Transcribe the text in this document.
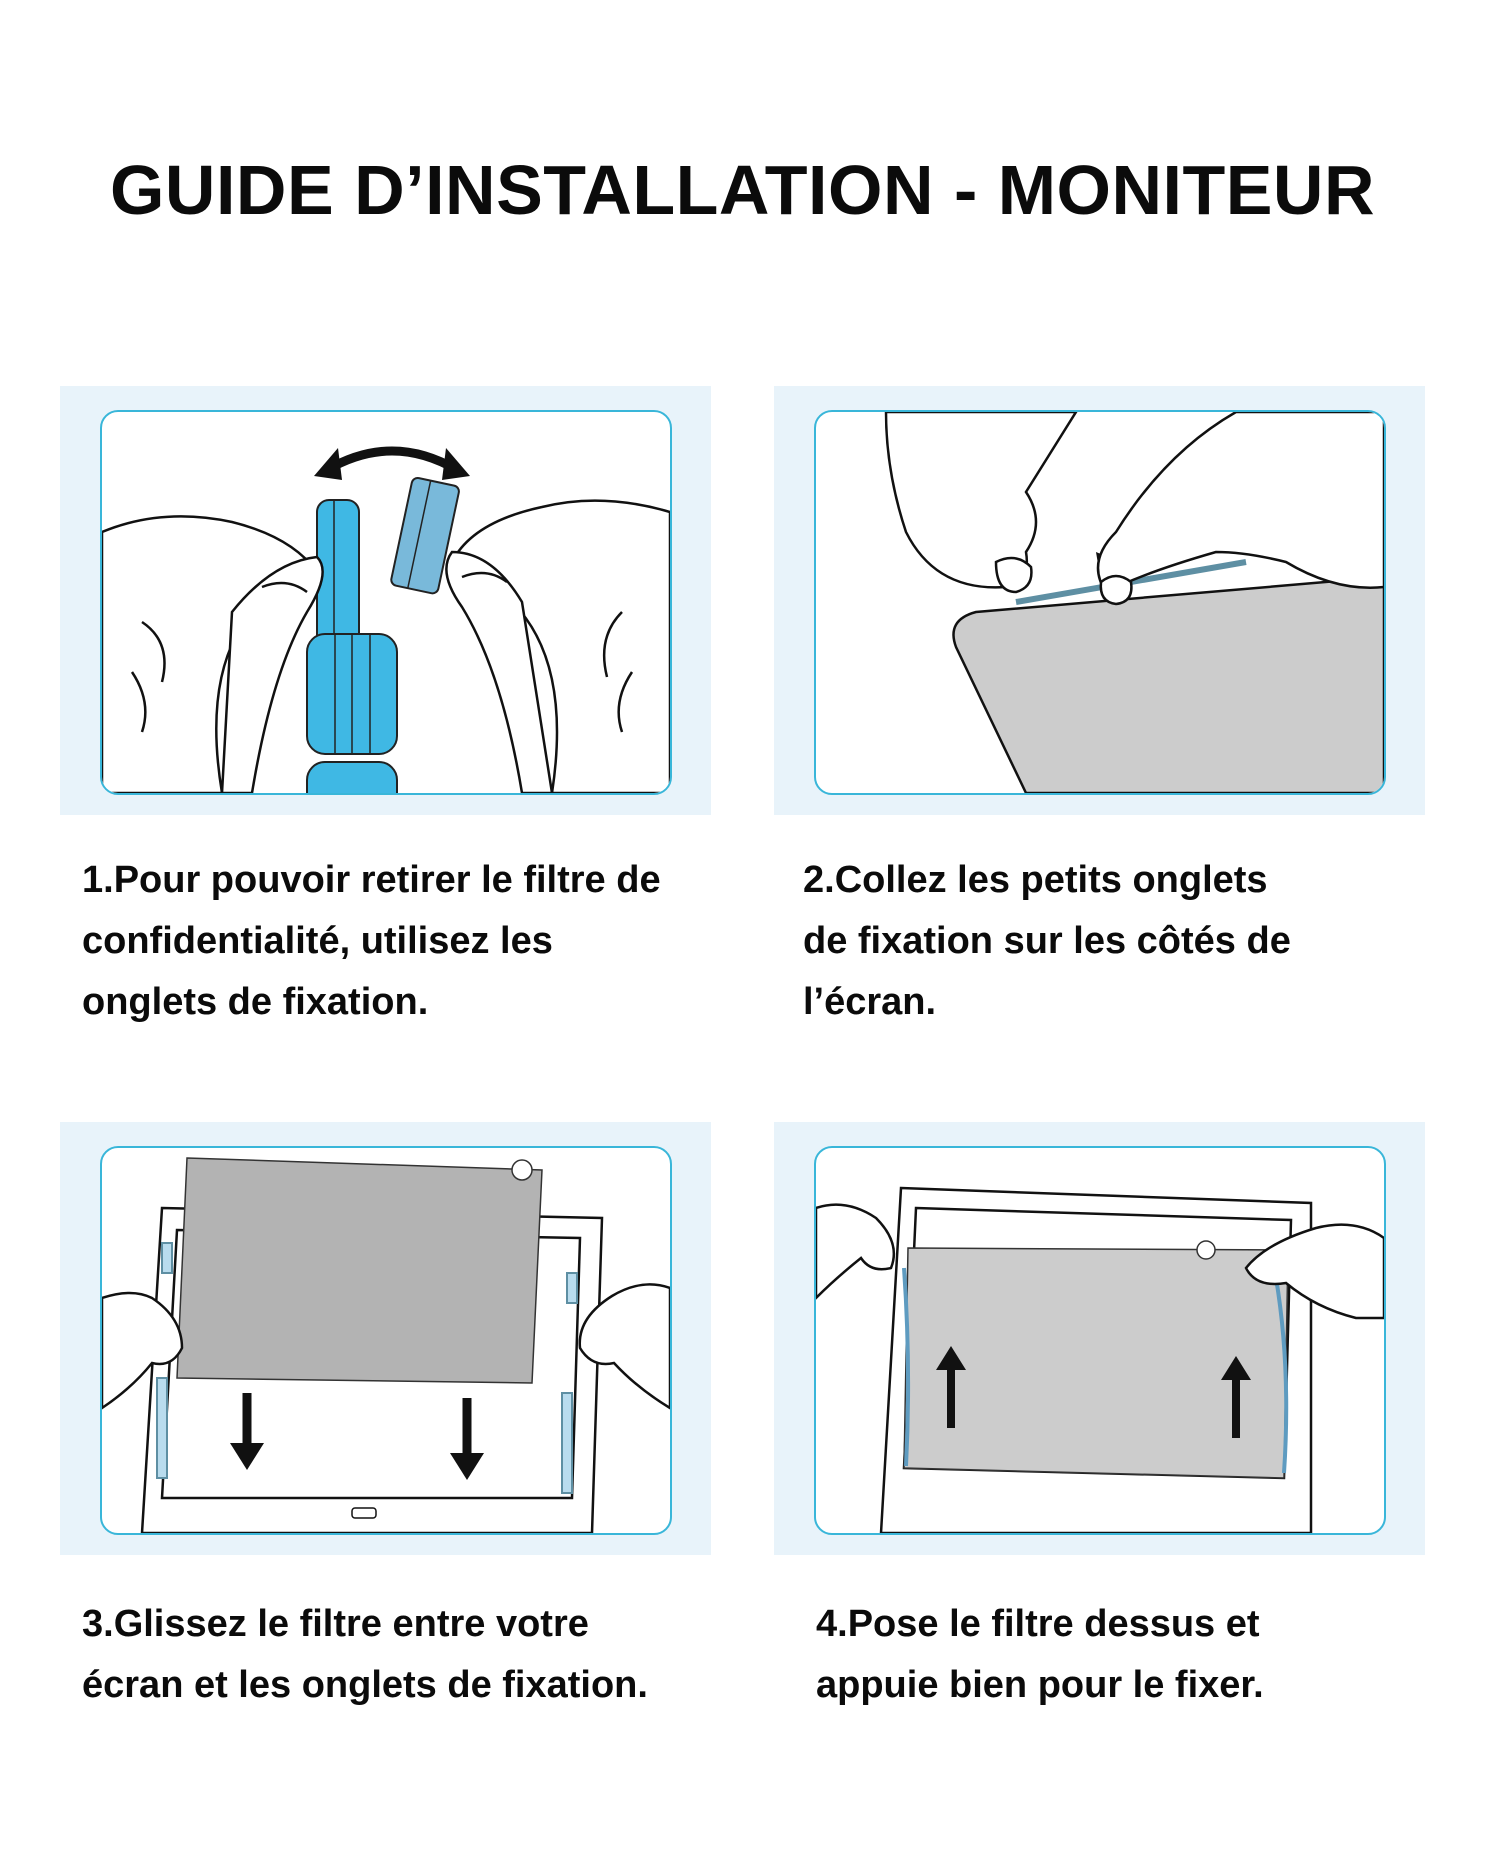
GUIDE D’INSTALLATION - MONITEUR

1.Pour pouvoir retirer le filtre de
confidentialité, utilisez les
onglets de fixation.

2.Collez les petits onglets
de fixation sur les côtés de
l’écran.

3.Glissez le filtre entre votre
écran et les onglets de fixation.

4.Pose le filtre dessus et
appuie bien pour le fixer.
